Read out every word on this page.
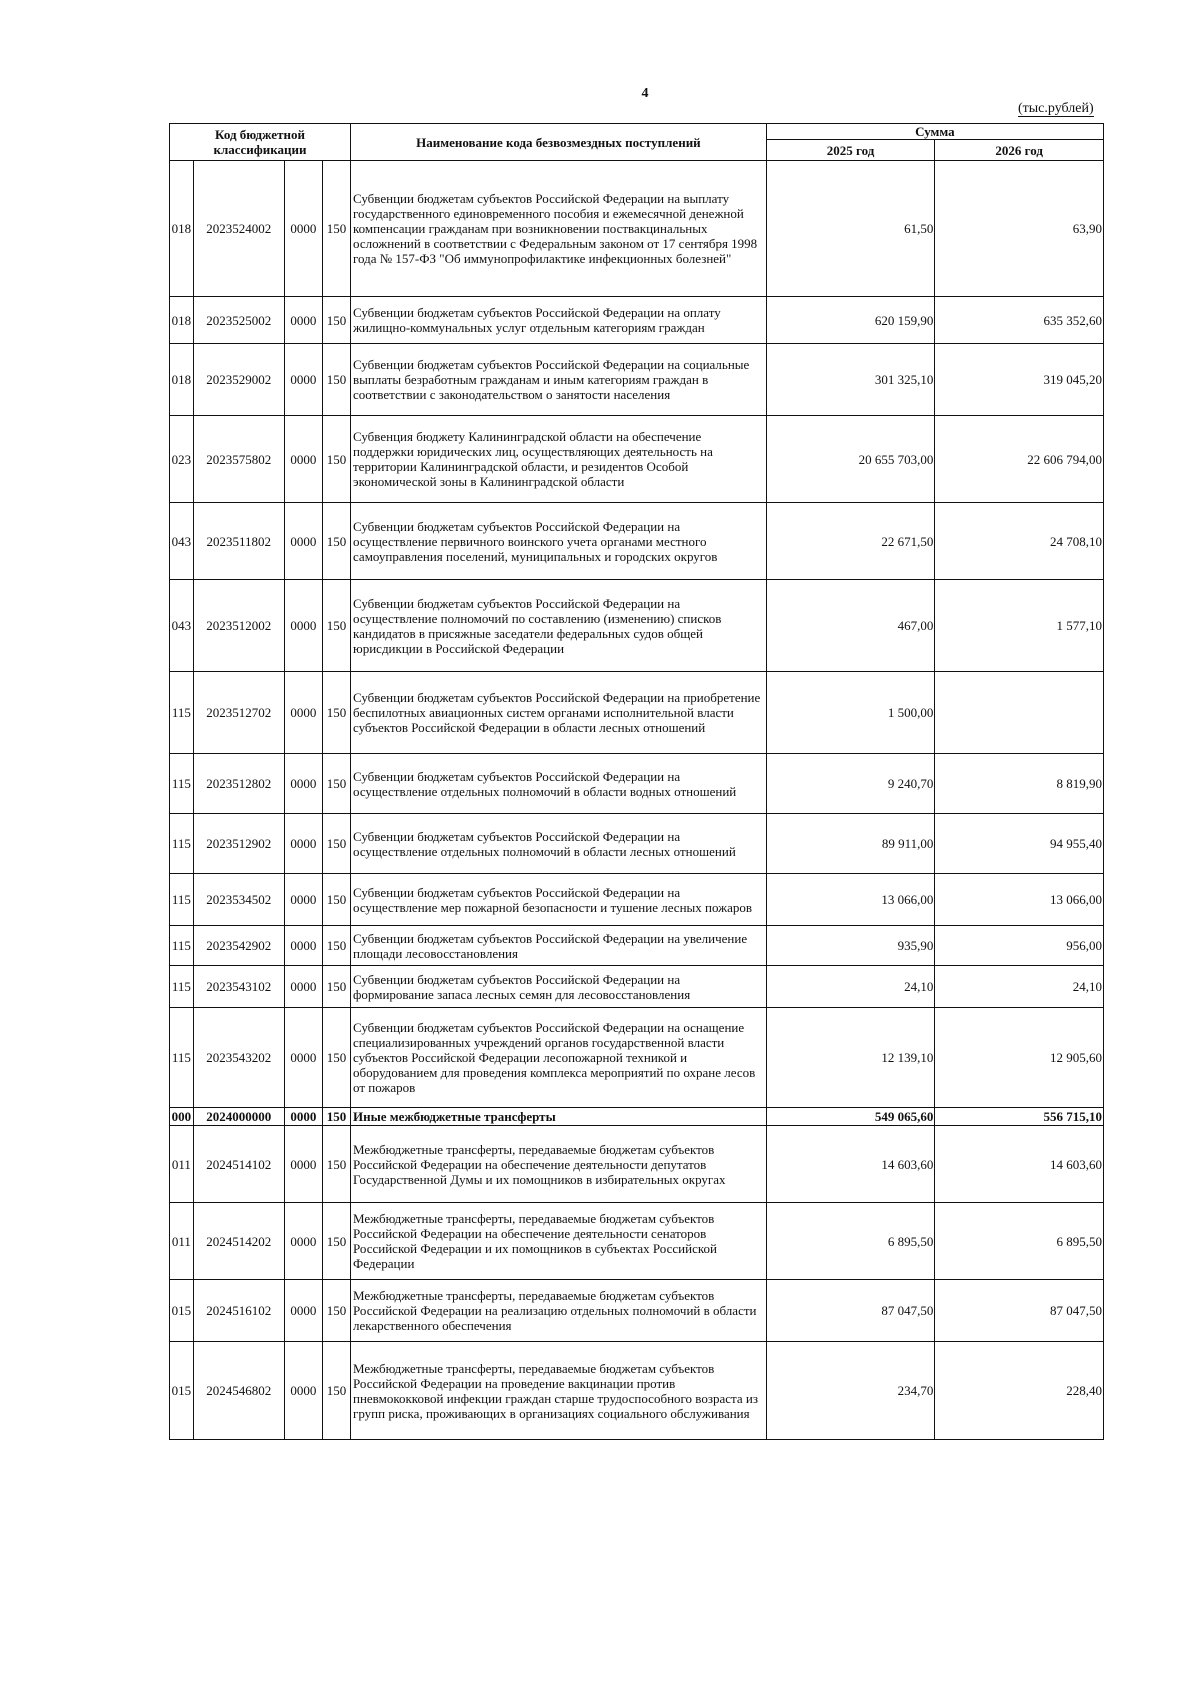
4
(тыс.рублей)
Код бюджетной классификации				Наименование кода безвозмездных поступлений	Сумма	
					2025 год	2026 год
018	2023524002	0000	150	Субвенции бюджетам субъектов Российской Федерации на выплату государственного единовременного пособия и ежемесячной денежной компенсации гражданам при возникновении поствакцинальных осложнений в соответствии с Федеральным законом от 17 сентября 1998 года № 157-ФЗ "Об иммунопрофилактике инфекционных болезней"	61,50	63,90
018	2023525002	0000	150	Субвенции бюджетам субъектов Российской Федерации на оплату жилищно-коммунальных услуг отдельным категориям граждан	620 159,90	635 352,60
018	2023529002	0000	150	Субвенции бюджетам субъектов Российской Федерации на социальные выплаты безработным гражданам и иным категориям граждан в соответствии с законодательством о занятости населения	301 325,10	319 045,20
023	2023575802	0000	150	Субвенция бюджету Калининградской области на обеспечение поддержки юридических лиц, осуществляющих деятельность на территории Калининградской области, и резидентов Особой экономической зоны в Калининградской области	20 655 703,00	22 606 794,00
043	2023511802	0000	150	Субвенции бюджетам субъектов Российской Федерации на осуществление первичного воинского учета органами местного самоуправления поселений, муниципальных и городских округов	22 671,50	24 708,10
043	2023512002	0000	150	Субвенции бюджетам субъектов Российской Федерации на осуществление полномочий по составлению (изменению) списков кандидатов в присяжные заседатели федеральных судов общей юрисдикции в Российской Федерации	467,00	1 577,10
115	2023512702	0000	150	Субвенции бюджетам субъектов Российской Федерации на приобретение беспилотных авиационных систем органами исполнительной власти субъектов Российской Федерации в области лесных отношений	1 500,00	
115	2023512802	0000	150	Субвенции бюджетам субъектов Российской Федерации на осуществление отдельных полномочий в области водных отношений	9 240,70	8 819,90
115	2023512902	0000	150	Субвенции бюджетам субъектов Российской Федерации на осуществление отдельных полномочий в области лесных отношений	89 911,00	94 955,40
115	2023534502	0000	150	Субвенции бюджетам субъектов Российской Федерации на осуществление мер пожарной безопасности и тушение лесных пожаров	13 066,00	13 066,00
115	2023542902	0000	150	Субвенции бюджетам субъектов Российской Федерации на увеличение площади лесовосстановления	935,90	956,00
115	2023543102	0000	150	Субвенции бюджетам субъектов Российской Федерации на формирование запаса лесных семян для лесовосстановления	24,10	24,10
115	2023543202	0000	150	Субвенции бюджетам субъектов Российской Федерации на оснащение специализированных учреждений органов государственной власти субъектов Российской Федерации лесопожарной техникой и оборудованием для проведения комплекса мероприятий по охране лесов от пожаров	12 139,10	12 905,60
000	2024000000	0000	150	Иные межбюджетные трансферты	549 065,60	556 715,10
011	2024514102	0000	150	Межбюджетные трансферты, передаваемые бюджетам субъектов Российской Федерации на обеспечение деятельности депутатов Государственной Думы и их помощников в избирательных округах	14 603,60	14 603,60
011	2024514202	0000	150	Межбюджетные трансферты, передаваемые бюджетам субъектов Российской Федерации на обеспечение деятельности сенаторов Российской Федерации и их помощников в субъектах Российской Федерации	6 895,50	6 895,50
015	2024516102	0000	150	Межбюджетные трансферты, передаваемые бюджетам субъектов Российской Федерации на реализацию отдельных полномочий в области лекарственного обеспечения	87 047,50	87 047,50
015	2024546802	0000	150	Межбюджетные трансферты, передаваемые бюджетам субъектов Российской Федерации на проведение вакцинации против пневмококковой инфекции граждан старше трудоспособного возраста из групп риска, проживающих в организациях социального обслуживания	234,70	228,40
